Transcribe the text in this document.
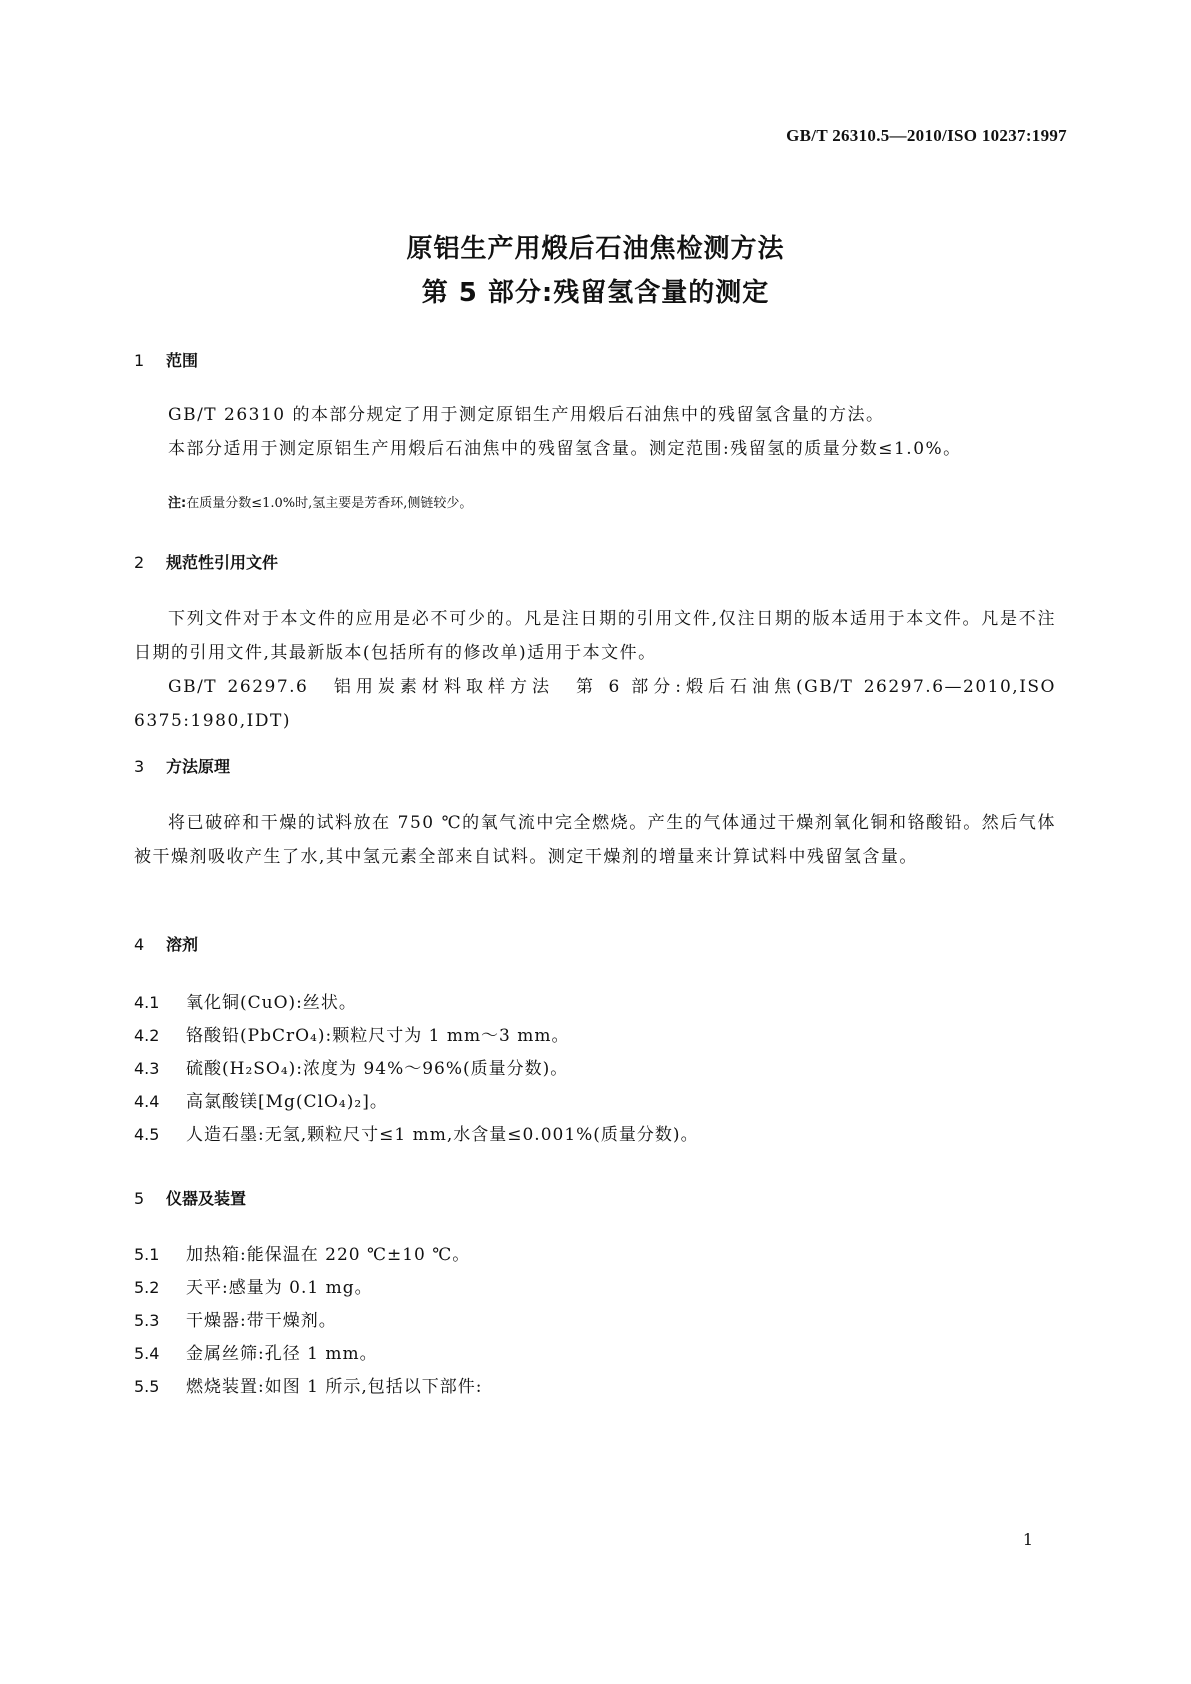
GB/T 26310.5—2010/ISO 10237:1997
原铝生产用煅后石油焦检测方法
第 5 部分:残留氢含量的测定
1 范围

GB/T 26310 的本部分规定了用于测定原铝生产用煅后石油焦中的残留氢含量的方法。

本部分适用于测定原铝生产用煅后石油焦中的残留氢含量。测定范围:残留氢的质量分数≤1.0%。

注:在质量分数≤1.0%时,氢主要是芳香环,侧链较少。
2 规范性引用文件

下列文件对于本文件的应用是必不可少的。凡是注日期的引用文件,仅注日期的版本适用于本文件。凡是不注日期的引用文件,其最新版本(包括所有的修改单)适用于本文件。

GB/T 26297.6　铝用炭素材料取样方法　第 6 部分:煅后石油焦(GB/T 26297.6—2010,ISO 6375:1980,IDT)

3 方法原理

将已破碎和干燥的试料放在 750 ℃的氧气流中完全燃烧。产生的气体通过干燥剂氧化铜和铬酸铅。然后气体被干燥剂吸收产生了水,其中氢元素全部来自试料。测定干燥剂的增量来计算试料中残留氢含量。

4 溶剂
4.1 氧化铜(CuO):丝状。
4.2 铬酸铅(PbCrO₄):颗粒尺寸为 1 mm～3 mm。
4.3 硫酸(H₂SO₄):浓度为 94%～96%(质量分数)。
4.4 高氯酸镁[Mg(ClO₄)₂]。
4.5 人造石墨:无氢,颗粒尺寸≤1 mm,水含量≤0.001%(质量分数)。
5 仪器及装置
5.1 加热箱:能保温在 220 ℃±10 ℃。
5.2 天平:感量为 0.1 mg。
5.3 干燥器:带干燥剂。
5.4 金属丝筛:孔径 1 mm。
5.5 燃烧装置:如图 1 所示,包括以下部件:
1
